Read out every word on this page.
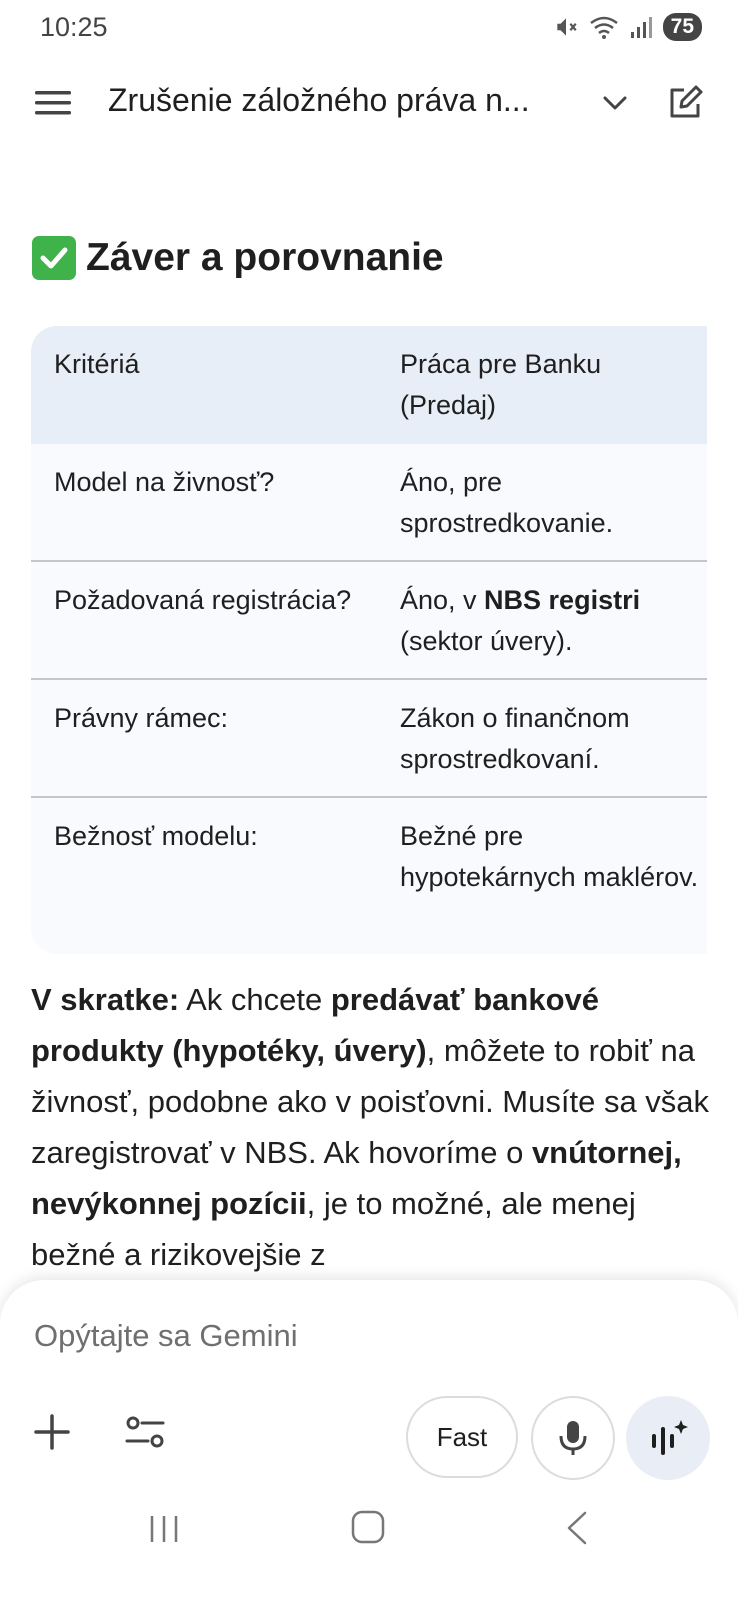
10:25	75
Zrušenie záložného práva n...
Záver a porovnanie
Kritériá	Práca pre Banku (Predaj)
Model na živnosť?	Áno, pre sprostredkovanie.
Požadovaná registrácia?	Áno, v NBS registri (sektor úvery).
Právny rámec:	Zákon o finančnom sprostredkovaní.
Bežnosť modelu:	Bežné pre hypotekárnych maklérov.

V skratke: Ak chcete predávať bankové produkty (hypotéky, úvery), môžete to robiť na živnosť, podobne ako v poisťovni. Musíte sa však zaregistrovať v NBS. Ak hovoríme o vnútornej, nevýkonnej pozícii, je to možné, ale menej bežné a rizikovejšie z

Opýtajte sa Gemini
Fast
